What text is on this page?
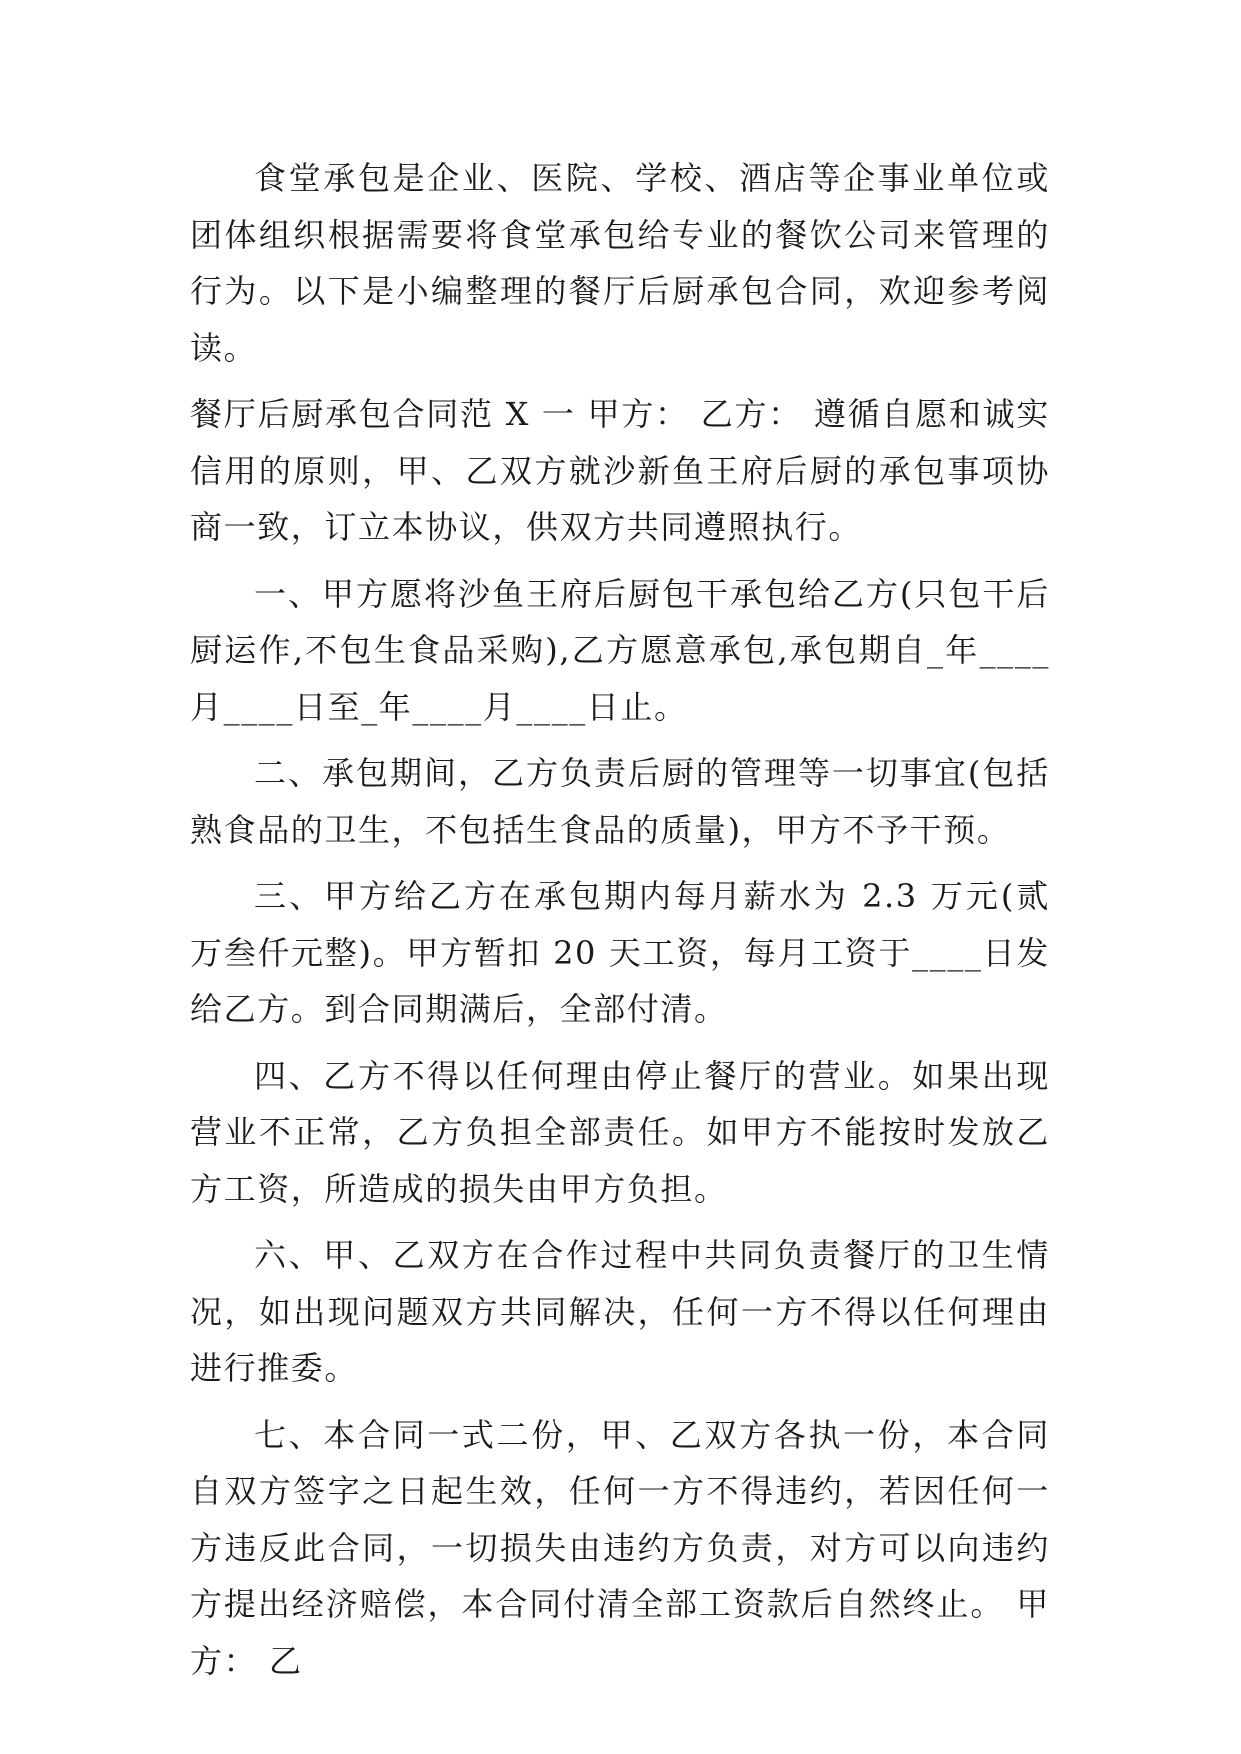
食堂承包是企业、医院、学校、酒店等企事业单位或团体组织根据需要将食堂承包给专业的餐饮公司来管理的行为。以下是小编整理的餐厅后厨承包合同，欢迎参考阅读。

餐厅后厨承包合同范 X 一 甲方： 乙方： 遵循自愿和诚实信用的原则，甲、乙双方就沙新鱼王府后厨的承包事项协商一致，订立本协议，供双方共同遵照执行。

一、甲方愿将沙鱼王府后厨包干承包给乙方(只包干后厨运作,不包生食品采购),乙方愿意承包,承包期自_年____月____日至_年____月____日止。

二、承包期间，乙方负责后厨的管理等一切事宜(包括熟食品的卫生，不包括生食品的质量)，甲方不予干预。

三、甲方给乙方在承包期内每月薪水为 2.3 万元(贰万叁仟元整)。甲方暂扣 20 天工资，每月工资于____日发给乙方。到合同期满后，全部付清。

四、乙方不得以任何理由停止餐厅的营业。如果出现营业不正常，乙方负担全部责任。如甲方不能按时发放乙方工资，所造成的损失由甲方负担。

六、甲、乙双方在合作过程中共同负责餐厅的卫生情况，如出现问题双方共同解决，任何一方不得以任何理由进行推委。

七、本合同一式二份，甲、乙双方各执一份，本合同自双方签字之日起生效，任何一方不得违约，若因任何一方违反此合同，一切损失由违约方负责，对方可以向违约方提出经济赔偿，本合同付清全部工资款后自然终止。 甲方： 乙
